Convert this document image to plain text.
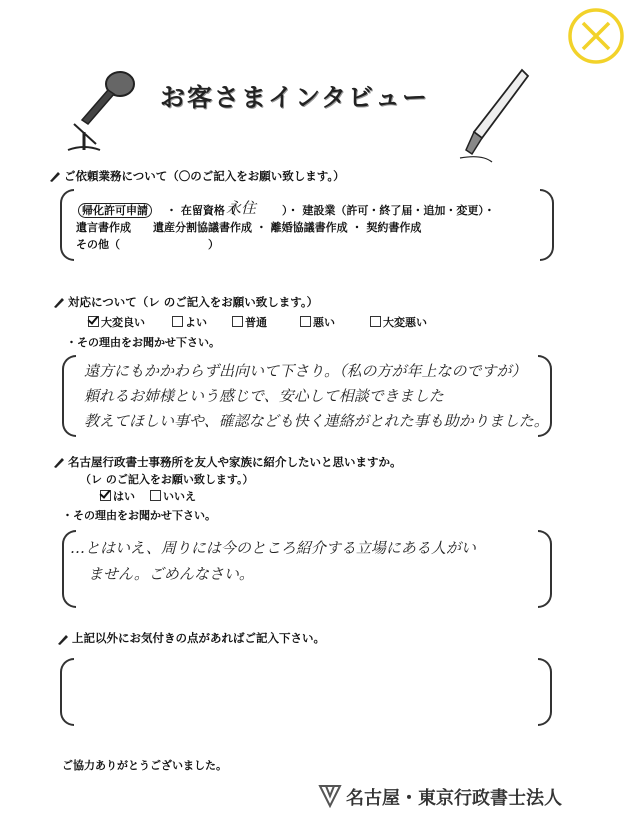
お客さまインタビュー
ご依頼業務について（〇のご記入をお願い致します。）
帰化許可申請	・ 在留資格（
永住 ）・ 建設業（許可・終了届・追加・変更）・
遺言書作成　　遺産分割協議書作成 ・ 離婚協議書作成 ・ 契約書作成
その他（　　　　　　　　）
対応について（レ のご記入をお願い致します。）
大変良い	よい	普通	悪い	大変悪い
・その理由をお聞かせ下さい。
遠方にもかかわらず出向いて下さり。（私の方が年上なのですが）
頼れるお姉様という感じで、安心して相談できました
教えてほしい事や、確認なども快く連絡がとれた事も助かりました。
名古屋行政書士事務所を友人や家族に紹介したいと思いますか。
（レ のご記入をお願い致します。）
はい	いいえ
・その理由をお聞かせ下さい。
…とはいえ、周りには今のところ紹介する立場にある人がい
ません。ごめんなさい。
上記以外にお気付きの点があればご記入下さい。
ご協力ありがとうございました。
名古屋・東京行政書士法人
